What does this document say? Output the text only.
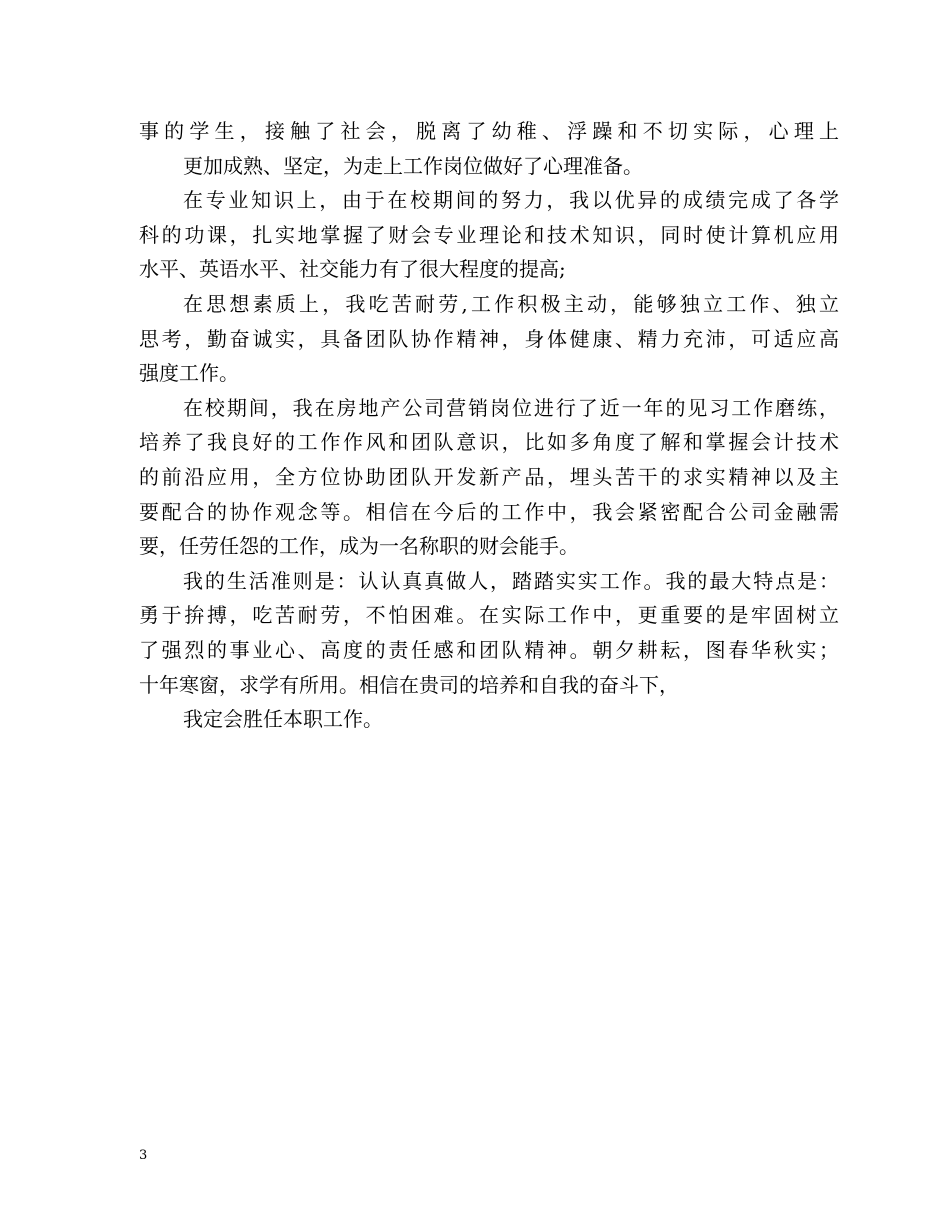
事的学生，接触了社会，脱离了幼稚、浮躁和不切实际，心理上
更加成熟、坚定，为走上工作岗位做好了心理准备。
在专业知识上，由于在校期间的努力，我以优异的成绩完成了各学
科的功课，扎实地掌握了财会专业理论和技术知识，同时使计算机应用
水平、英语水平、社交能力有了很大程度的提高;
在思想素质上，我吃苦耐劳,工作积极主动，能够独立工作、独立
思考，勤奋诚实，具备团队协作精神，身体健康、精力充沛，可适应高
强度工作。
在校期间，我在房地产公司营销岗位进行了近一年的见习工作磨练，
培养了我良好的工作作风和团队意识，比如多角度了解和掌握会计技术
的前沿应用，全方位协助团队开发新产品，埋头苦干的求实精神以及主
要配合的协作观念等。相信在今后的工作中，我会紧密配合公司金融需
要，任劳任怨的工作，成为一名称职的财会能手。
我的生活准则是：认认真真做人，踏踏实实工作。我的最大特点是：
勇于拚搏，吃苦耐劳，不怕困难。在实际工作中，更重要的是牢固树立
了强烈的事业心、高度的责任感和团队精神。朝夕耕耘，图春华秋实；
十年寒窗，求学有所用。相信在贵司的培养和自我的奋斗下，
我定会胜任本职工作。
3
